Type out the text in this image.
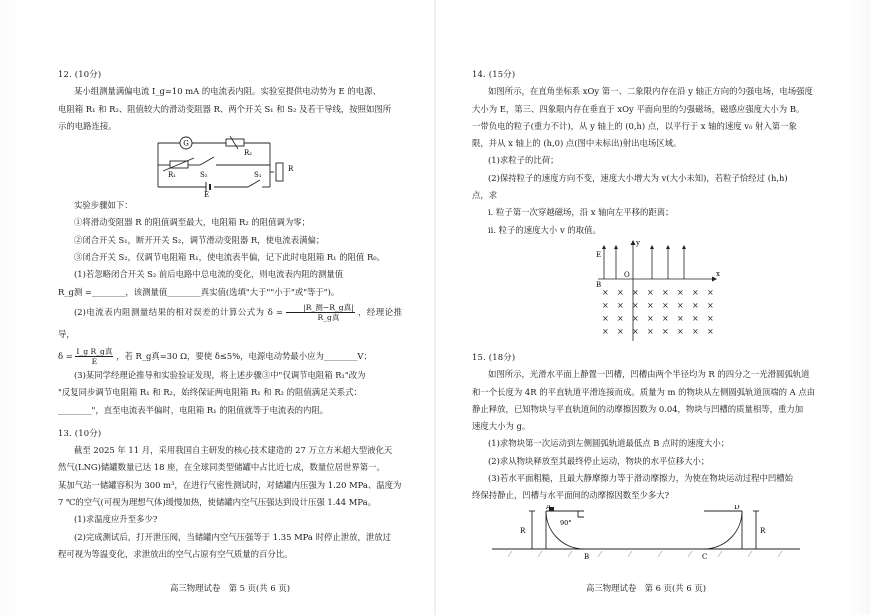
12. (10分)

某小组测量满偏电流 I_g=10 mA 的电流表内阻。实验室提供电动势为 E 的电源、

电阻箱 R₁ 和 R₂、阻值较大的滑动变阻器 R、两个开关 S₁ 和 S₂ 及若干导线，按照如图所

示的电路连接。

G
R₂
R₁	S₂
R
S₁
E

实验步骤如下：

①将滑动变阻器 R 的阻值调至最大，电阻箱 R₂ 的阻值调为零；

②闭合开关 S₁，断开开关 S₂，调节滑动变阻器 R，使电流表满偏；

③闭合开关 S₂，仅调节电阻箱 R₁，使电流表半偏，记下此时电阻箱 R₁ 的阻值 R₀。

(1)若忽略闭合开关 S₂ 前后电路中总电流的变化，则电流表内阻的测量值

R_g测 =________，该测量值________真实值(选填"大于""小于"或"等于")。

(2)电流表内阻测量结果的相对误差的计算公式为 δ =	|R_测−R_g真|
R_g真
，经理论推导，

δ = I_g R_g真
E
，若 R_g真=30 Ω，要使 δ≤5%，电源电动势最小应为________V；

(3)某同学经理论推导和实验验证发现，将上述步骤③中"仅调节电阻箱 R₁"改为

"反复同步调节电阻箱 R₁ 和 R₂，始终保证两电阻箱 R₁ 和 R₂ 的阻值满足关系式：

________"，直至电流表半偏时，电阻箱 R₁ 的阻值就等于电流表的内阻。

13. (10分)

截至 2025 年 11 月，采用我国自主研发的核心技术建造的 27 万立方米超大型液化天

然气(LNG)储罐数量已达 18 座，在全球同类型储罐中占比近七成，数量位居世界第一。

某加气站一储罐容积为 300 m³，在进行气密性测试时，对储罐内压强为 1.20 MPa、温度为

7 ℃的空气(可视为理想气体)缓慢加热，使储罐内空气压强达到设计压强 1.44 MPa。

(1)求温度应升至多少?

(2)完成测试后，打开泄压阀，当储罐内空气压强等于 1.35 MPa 时停止泄放，泄放过

程可视为等温变化，求泄放出的空气占原有空气质量的百分比。

高三物理试卷　第 5 页(共 6 页)

14. (15分)

如图所示，在直角坐标系 xOy 第一、二象限内存在沿 y 轴正方向的匀强电场，电场强度

大小为 E，第三、四象限内存在垂直于 xOy 平面向里的匀强磁场，磁感应强度大小为 B。

一带负电的粒子(重力不计)，从 y 轴上的 (0,h) 点，以平行于 x 轴的速度 v₀ 射入第一象

限，并从 x 轴上的 (h,0) 点(图中未标出)射出电场区域。

(1)求粒子的比荷；

(2)保持粒子的速度方向不变，速度大小增大为 v(大小未知)，若粒子恰经过 (h,h)

点，求

ⅰ. 粒子第一次穿越磁场，沿 x 轴向左平移的距离；

ⅱ. 粒子的速度大小 v 的取值。

E
y
O	x
B
× × × × × × × ×
× × × × × × × ×
× × × × × × × ×
× × × × × × × ×

15. (18分)

如图所示，光滑水平面上静置一凹槽，凹槽由两个半径均为 R 的四分之一光滑圆弧轨道

和一个长度为 4R 的平直轨道平滑连接而成。质量为 m 的物块从左侧圆弧轨道顶端的 A 点由

静止释放，已知物块与平直轨道间的动摩擦因数为 0.04，物块与凹槽的质量相等，重力加

速度大小为 g。

(1)求物块第一次运动到左侧圆弧轨道最低点 B 点时的速度大小；

(2)求从物块释放至其最终停止运动，物块的水平位移大小；

(3)若水平面粗糙，且最大静摩擦力等于滑动摩擦力，为使在物块运动过程中凹槽始

终保持静止，凹槽与水平面间的动摩擦因数至少多大?

A	D
B	C
R	R
90°
高三物理试卷　第 6 页(共 6 页)
